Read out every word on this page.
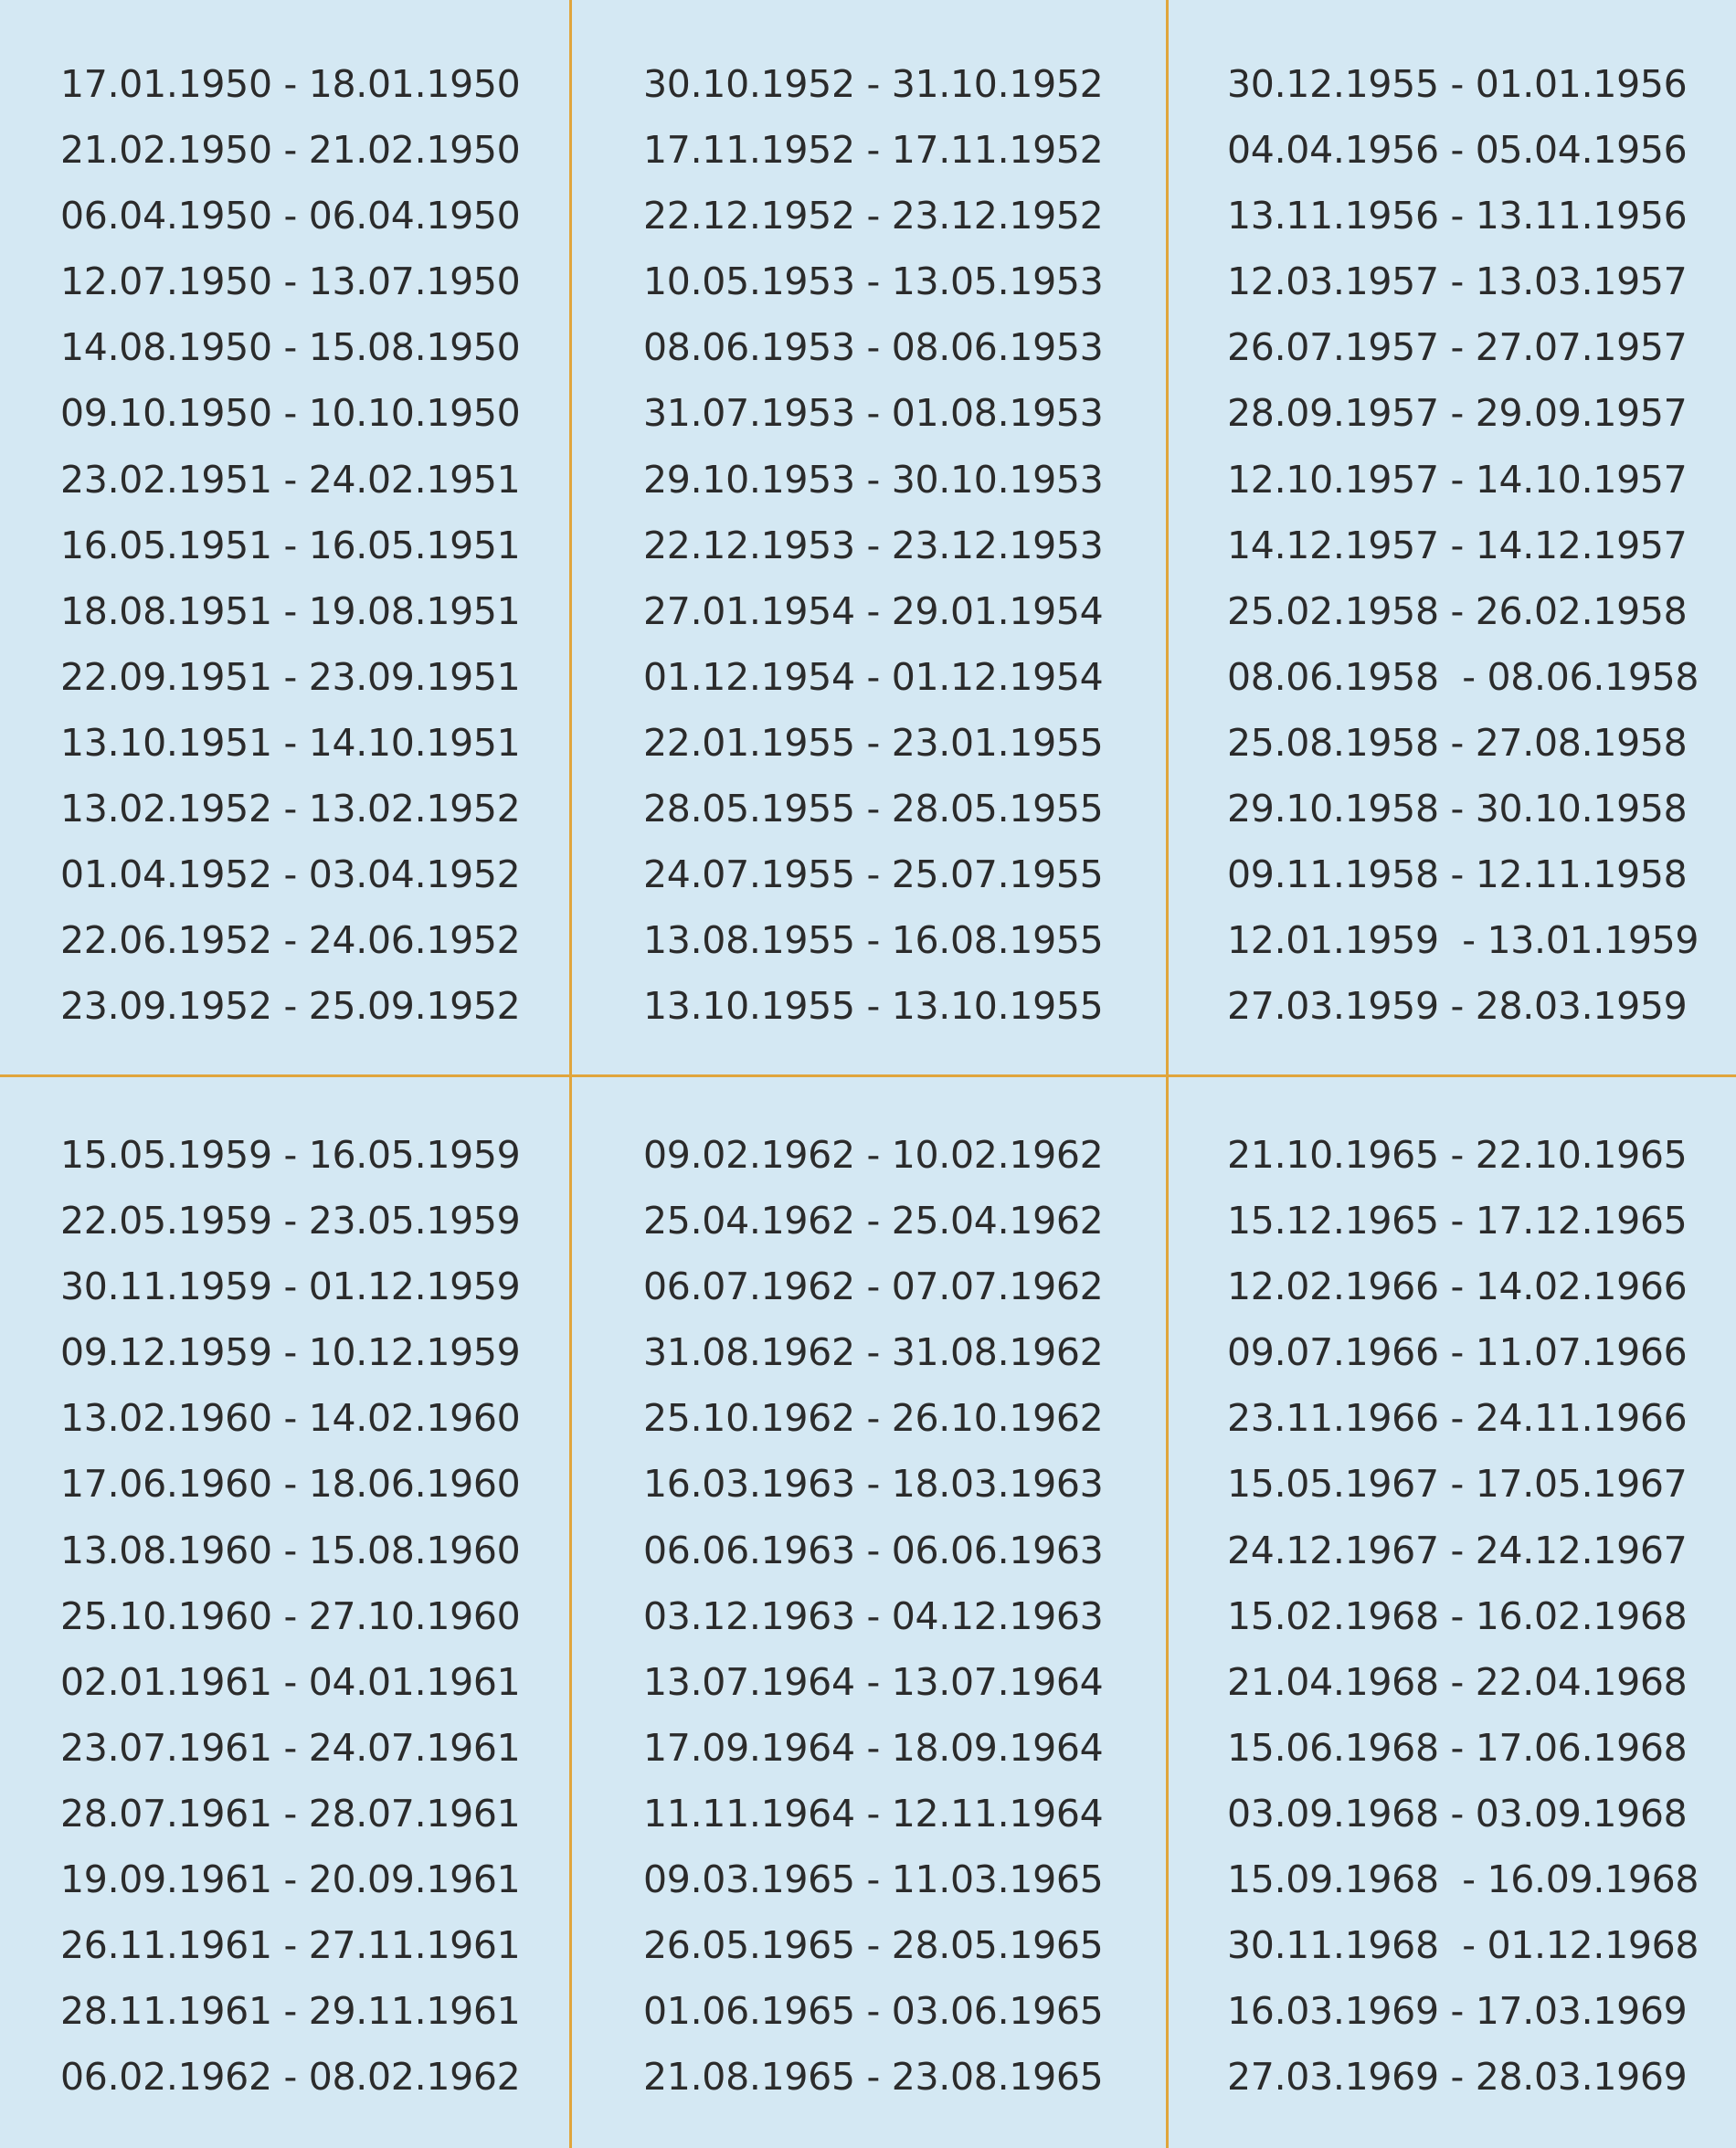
17.01.1950 - 18.01.1950
21.02.1950 - 21.02.1950
06.04.1950 - 06.04.1950
12.07.1950 - 13.07.1950
14.08.1950 - 15.08.1950
09.10.1950 - 10.10.1950
23.02.1951 - 24.02.1951
16.05.1951 - 16.05.1951
18.08.1951 - 19.08.1951
22.09.1951 - 23.09.1951
13.10.1951 - 14.10.1951
13.02.1952 - 13.02.1952
01.04.1952 - 03.04.1952
22.06.1952 - 24.06.1952
23.09.1952 - 25.09.1952
30.10.1952 - 31.10.1952
17.11.1952 - 17.11.1952
22.12.1952 - 23.12.1952
10.05.1953 - 13.05.1953
08.06.1953 - 08.06.1953
31.07.1953 - 01.08.1953
29.10.1953 - 30.10.1953
22.12.1953 - 23.12.1953
27.01.1954 - 29.01.1954
01.12.1954 - 01.12.1954
22.01.1955 - 23.01.1955
28.05.1955 - 28.05.1955
24.07.1955 - 25.07.1955
13.08.1955 - 16.08.1955
13.10.1955 - 13.10.1955
30.12.1955 - 01.01.1956
04.04.1956 - 05.04.1956
13.11.1956 - 13.11.1956
12.03.1957 - 13.03.1957
26.07.1957 - 27.07.1957
28.09.1957 - 29.09.1957
12.10.1957 - 14.10.1957
14.12.1957 - 14.12.1957
25.02.1958 - 26.02.1958
08.06.1958  - 08.06.1958
25.08.1958 - 27.08.1958
29.10.1958 - 30.10.1958
09.11.1958 - 12.11.1958
12.01.1959  - 13.01.1959
27.03.1959 - 28.03.1959
15.05.1959 - 16.05.1959
22.05.1959 - 23.05.1959
30.11.1959 - 01.12.1959
09.12.1959 - 10.12.1959
13.02.1960 - 14.02.1960
17.06.1960 - 18.06.1960
13.08.1960 - 15.08.1960
25.10.1960 - 27.10.1960
02.01.1961 - 04.01.1961
23.07.1961 - 24.07.1961
28.07.1961 - 28.07.1961
19.09.1961 - 20.09.1961
26.11.1961 - 27.11.1961
28.11.1961 - 29.11.1961
06.02.1962 - 08.02.1962
09.02.1962 - 10.02.1962
25.04.1962 - 25.04.1962
06.07.1962 - 07.07.1962
31.08.1962 - 31.08.1962
25.10.1962 - 26.10.1962
16.03.1963 - 18.03.1963
06.06.1963 - 06.06.1963
03.12.1963 - 04.12.1963
13.07.1964 - 13.07.1964
17.09.1964 - 18.09.1964
11.11.1964 - 12.11.1964
09.03.1965 - 11.03.1965
26.05.1965 - 28.05.1965
01.06.1965 - 03.06.1965
21.08.1965 - 23.08.1965
21.10.1965 - 22.10.1965
15.12.1965 - 17.12.1965
12.02.1966 - 14.02.1966
09.07.1966 - 11.07.1966
23.11.1966 - 24.11.1966
15.05.1967 - 17.05.1967
24.12.1967 - 24.12.1967
15.02.1968 - 16.02.1968
21.04.1968 - 22.04.1968
15.06.1968 - 17.06.1968
03.09.1968 - 03.09.1968
15.09.1968  - 16.09.1968
30.11.1968  - 01.12.1968
16.03.1969 - 17.03.1969
27.03.1969 - 28.03.1969
